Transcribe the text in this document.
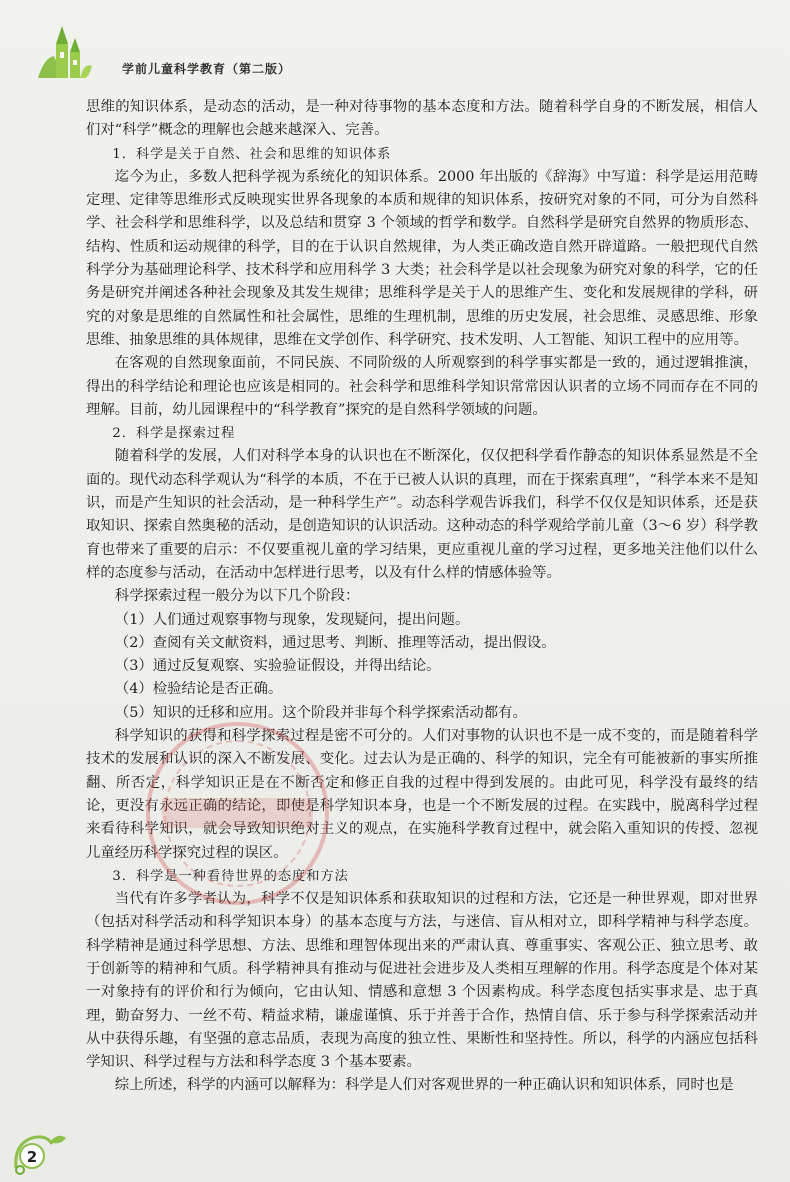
学前儿童科学教育（第二版）

思维的知识体系，是动态的活动，是一种对待事物的基本态度和方法。随着科学自身的不断发展，相信人们对“科学”概念的理解也会越来越深入、完善。

1．科学是关于自然、社会和思维的知识体系

迄今为止，多数人把科学视为系统化的知识体系。2000 年出版的《辞海》中写道：科学是运用范畴定理、定律等思维形式反映现实世界各现象的本质和规律的知识体系，按研究对象的不同，可分为自然科学、社会科学和思维科学，以及总结和贯穿 3 个领域的哲学和数学。自然科学是研究自然界的物质形态、结构、性质和运动规律的科学，目的在于认识自然规律，为人类正确改造自然开辟道路。一般把现代自然科学分为基础理论科学、技术科学和应用科学 3 大类；社会科学是以社会现象为研究对象的科学，它的任务是研究并阐述各种社会现象及其发生规律；思维科学是关于人的思维产生、变化和发展规律的学科，研究的对象是思维的自然属性和社会属性，思维的生理机制，思维的历史发展，社会思维、灵感思维、形象思维、抽象思维的具体规律，思维在文学创作、科学研究、技术发明、人工智能、知识工程中的应用等。

在客观的自然现象面前，不同民族、不同阶级的人所观察到的科学事实都是一致的，通过逻辑推演，得出的科学结论和理论也应该是相同的。社会科学和思维科学知识常常因认识者的立场不同而存在不同的理解。目前，幼儿园课程中的“科学教育”探究的是自然科学领域的问题。

2．科学是探索过程

随着科学的发展，人们对科学本身的认识也在不断深化，仅仅把科学看作静态的知识体系显然是不全面的。现代动态科学观认为“科学的本质，不在于已被人认识的真理，而在于探索真理”，“科学本来不是知识，而是产生知识的社会活动，是一种科学生产”。动态科学观告诉我们，科学不仅仅是知识体系，还是获取知识、探索自然奥秘的活动，是创造知识的认识活动。这种动态的科学观给学前儿童（3～6 岁）科学教育也带来了重要的启示：不仅要重视儿童的学习结果，更应重视儿童的学习过程，更多地关注他们以什么样的态度参与活动，在活动中怎样进行思考，以及有什么样的情感体验等。

科学探索过程一般分为以下几个阶段：

（1）人们通过观察事物与现象，发现疑问，提出问题。

（2）查阅有关文献资料，通过思考、判断、推理等活动，提出假设。

（3）通过反复观察、实验验证假设，并得出结论。

（4）检验结论是否正确。

（5）知识的迁移和应用。这个阶段并非每个科学探索活动都有。

科学知识的获得和科学探索过程是密不可分的。人们对事物的认识也不是一成不变的，而是随着科学技术的发展和认识的深入不断发展、变化。过去认为是正确的、科学的知识，完全有可能被新的事实所推翻、所否定，科学知识正是在不断否定和修正自我的过程中得到发展的。由此可见，科学没有最终的结论，更没有永远正确的结论，即使是科学知识本身，也是一个不断发展的过程。在实践中，脱离科学过程来看待科学知识，就会导致知识绝对主义的观点，在实施科学教育过程中，就会陷入重知识的传授、忽视儿童经历科学探究过程的误区。

3．科学是一种看待世界的态度和方法

当代有许多学者认为，科学不仅是知识体系和获取知识的过程和方法，它还是一种世界观，即对世界（包括对科学活动和科学知识本身）的基本态度与方法，与迷信、盲从相对立，即科学精神与科学态度。科学精神是通过科学思想、方法、思维和理智体现出来的严肃认真、尊重事实、客观公正、独立思考、敢于创新等的精神和气质。科学精神具有推动与促进社会进步及人类相互理解的作用。科学态度是个体对某一对象持有的评价和行为倾向，它由认知、情感和意想 3 个因素构成。科学态度包括实事求是、忠于真理，勤奋努力、一丝不苟、精益求精，谦虚谨慎、乐于并善于合作，热情自信、乐于参与科学探索活动并从中获得乐趣，有坚强的意志品质，表现为高度的独立性、果断性和坚持性。所以，科学的内涵应包括科学知识、科学过程与方法和科学态度 3 个基本要素。

综上所述，科学的内涵可以解释为：科学是人们对客观世界的一种正确认识和知识体系，同时也是

2
